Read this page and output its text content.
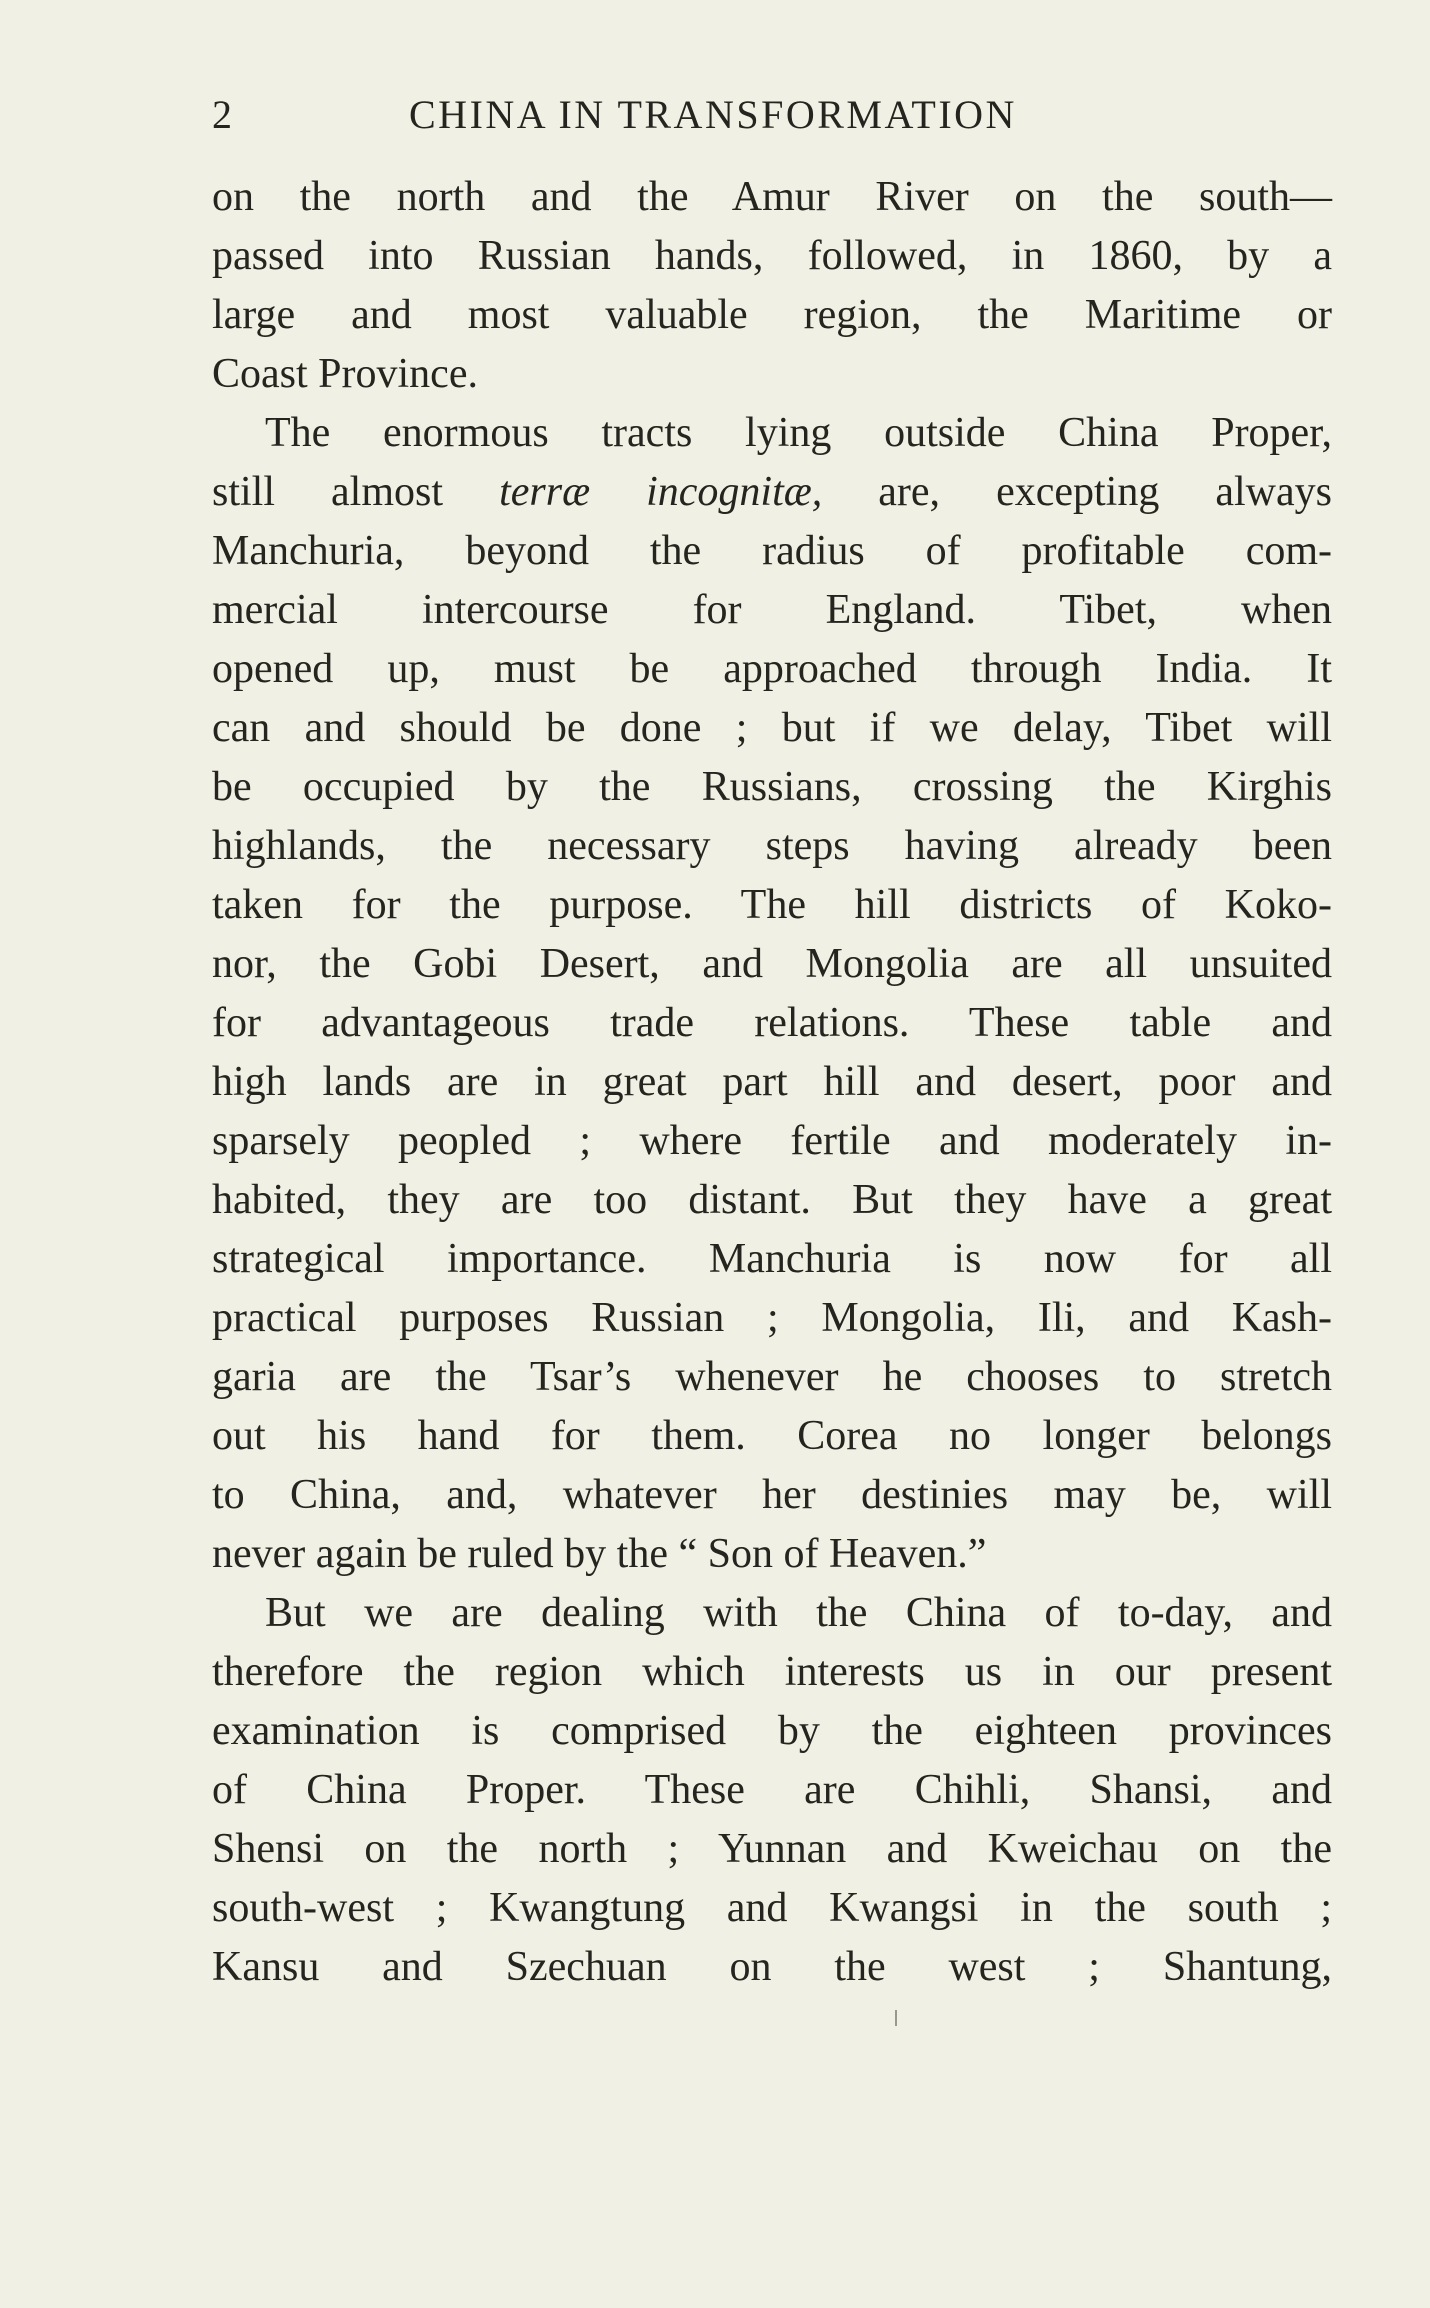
2	CHINA IN TRANSFORMATION
on the north and the Amur River on the south—
passed into Russian hands, followed, in 1860, by a
large and most valuable region, the Maritime or
Coast Province.
The enormous tracts lying outside China Proper,
still almost terræ incognitæ, are, excepting always
Manchuria, beyond the radius of profitable com-
mercial intercourse for England. Tibet, when
opened up, must be approached through India. It
can and should be done ; but if we delay, Tibet will
be occupied by the Russians, crossing the Kirghis
highlands, the necessary steps having already been
taken for the purpose. The hill districts of Koko-
nor, the Gobi Desert, and Mongolia are all unsuited
for advantageous trade relations. These table and
high lands are in great part hill and desert, poor and
sparsely peopled ; where fertile and moderately in-
habited, they are too distant. But they have a great
strategical importance. Manchuria is now for all
practical purposes Russian ; Mongolia, Ili, and Kash-
garia are the Tsar’s whenever he chooses to stretch
out his hand for them. Corea no longer belongs
to China, and, whatever her destinies may be, will
never again be ruled by the “ Son of Heaven.”
But we are dealing with the China of to-day, and
therefore the region which interests us in our present
examination is comprised by the eighteen provinces
of China Proper. These are Chihli, Shansi, and
Shensi on the north ; Yunnan and Kweichau on the
south-west ; Kwangtung and Kwangsi in the south ;
Kansu and Szechuan on the west ; Shantung,
